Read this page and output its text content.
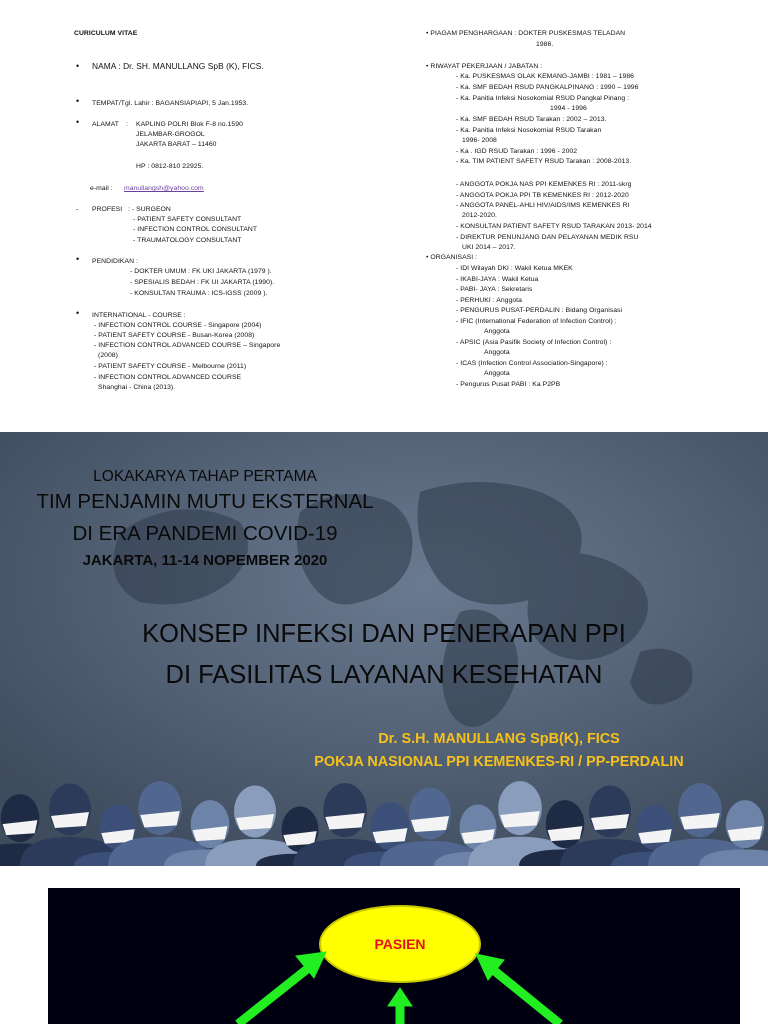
CURICULUM VITAE
• NAMA : Dr. SH. MANULLANG SpB (K), FICS.
• TEMPAT/Tgl. Lahir : BAGANSIAPIAPI, 5 Jan.1953.
• ALAMAT : KAPLING POLRI Blok F-8 no.1590
JELAMBAR-GROGOL
JAKARTA BARAT – 11460
HP : 0812-810 22925.
e-mail : manullangsh@yahoo.com
- PROFESI : - SURGEON
- PATIENT SAFETY CONSULTANT
- INFECTION CONTROL CONSULTANT
- TRAUMATOLOGY CONSULTANT
• PENDIDIKAN :
- DOKTER UMUM : FK UKI JAKARTA (1979 ).
- SPESIALIS BEDAH : FK UI JAKARTA (1990).
- KONSULTAN TRAUMA : ICS-IGSS (2009 ).
• INTERNATIONAL - COURSE :
- INFECTION CONTROL COURSE - Singapore (2004)
- PATIENT SAFETY COURSE - Busan-Korea (2008)
- INFECTION CONTROL ADVANCED COURSE – Singapore
(2008)
- PATIENT SAFETY COURSE - Melbourne (2011)
- INFECTION CONTROL ADVANCED COURSE
Shanghai - China (2013).
• PIAGAM PENGHARGAAN : DOKTER PUSKESMAS TELADAN
1986.
• RIWAYAT PEKERJAAN / JABATAN :
- Ka. PUSKESMAS OLAK KEMANG-JAMBI : 1981 – 1986
- Ka. SMF BEDAH RSUD PANGKALPINANG : 1990 – 1996
- Ka. Panitia Infeksi Nosokomial RSUD Pangkal Pinang :
1994 - 1996
- Ka. SMF BEDAH RSUD Tarakan : 2002 – 2013.
- Ka. Panitia Infeksi Nosokomial RSUD Tarakan
1996- 2008
- Ka . IGD RSUD Tarakan : 1996 - 2002
- Ka. TIM PATIENT SAFETY RSUD Tarakan : 2008-2013.
- ANGGOTA POKJA NAS PPI KEMENKES RI : 2011-skrg
- ANGGOTA POKJA PPI TB KEMENKES RI : 2012-2020
- ANGGOTA PANEL-AHLI HIV/AIDS/IMS KEMENKES RI
2012-2020.
- KONSULTAN PATIENT SAFETY RSUD TARAKAN 2013- 2014
- DIREKTUR PENUNJANG DAN PELAYANAN MEDIK RSU
UKI 2014 – 2017.
• ORGANISASI :
- IDI Wilayah DKI : Wakil Ketua MKEK
- IKABI-JAYA : Wakil Ketua
- PABI- JAYA : Sekretaris
- PERHUKI : Anggota
- PENGURUS PUSAT-PERDALIN : Bidang Organisasi
- IFIC (International Federation of Infection Control) :
Anggota
- APSIC (Asia Pasifik Society of Infection Control) :
Anggota
- ICAS (Infection Control Association-Singapore) :
Anggota
- Pengurus Pusat PABI : Ka P2PB
LOKAKARYA TAHAP PERTAMA
TIM PENJAMIN MUTU EKSTERNAL
DI ERA PANDEMI COVID-19
JAKARTA, 11-14 NOPEMBER 2020
KONSEP INFEKSI DAN PENERAPAN PPI
DI FASILITAS LAYANAN KESEHATAN
Dr. S.H. MANULLANG SpB(K), FICS
POKJA NASIONAL PPI KEMENKES-RI / PP-PERDALIN
PASIEN
